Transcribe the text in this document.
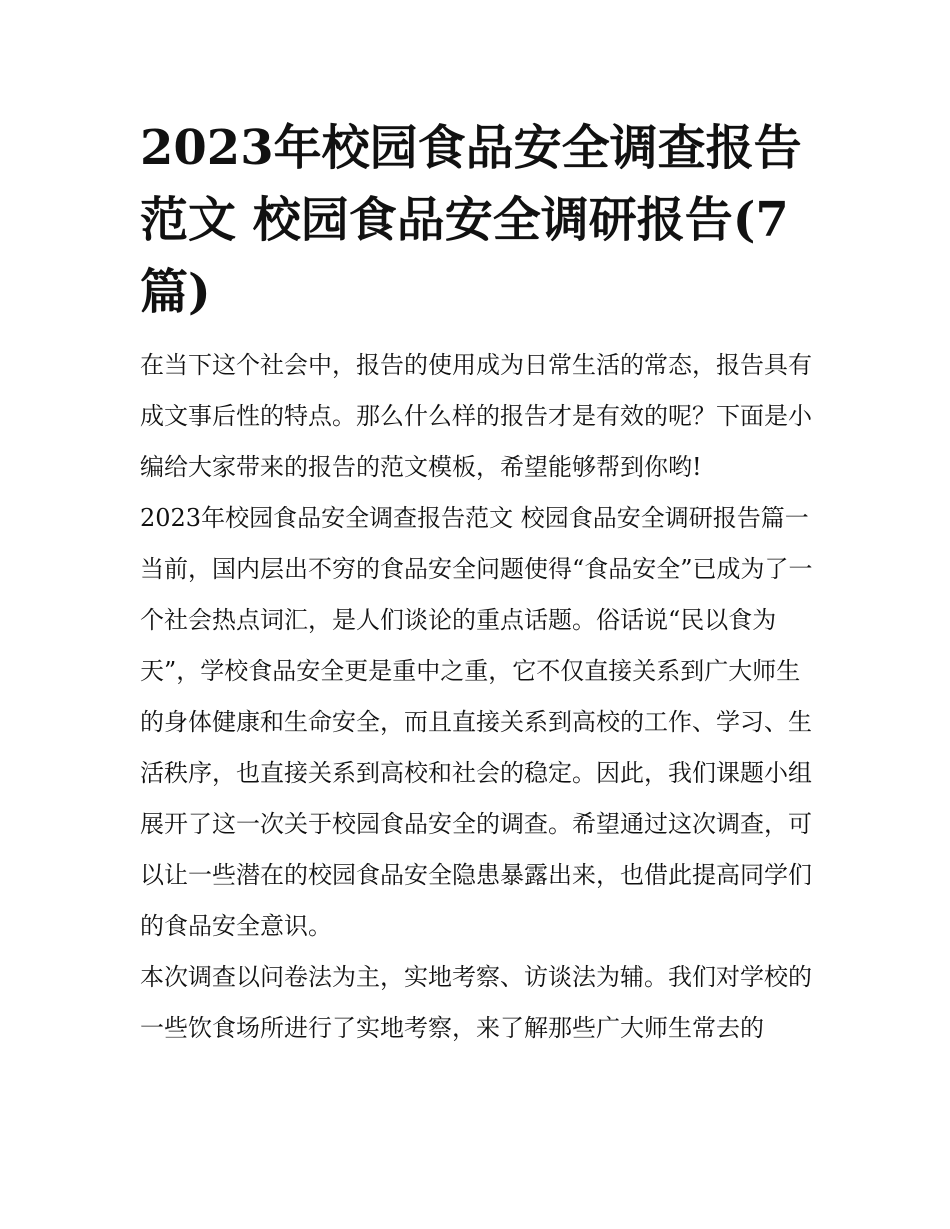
2023年校园食品安全调查报告范文 校园食品安全调研报告(7篇)

在当下这个社会中，报告的使用成为日常生活的常态，报告具有成文事后性的特点。那么什么样的报告才是有效的呢？下面是小编给大家带来的报告的范文模板，希望能够帮到你哟!

2023年校园食品安全调查报告范文 校园食品安全调研报告篇一

当前，国内层出不穷的食品安全问题使得“食品安全”已成为了一个社会热点词汇，是人们谈论的重点话题。俗话说“民以食为天”，学校食品安全更是重中之重，它不仅直接关系到广大师生的身体健康和生命安全，而且直接关系到高校的工作、学习、生活秩序，也直接关系到高校和社会的稳定。因此，我们课题小组展开了这一次关于校园食品安全的调查。希望通过这次调查，可以让一些潜在的校园食品安全隐患暴露出来，也借此提高同学们的食品安全意识。

本次调查以问卷法为主，实地考察、访谈法为辅。我们对学校的一些饮食场所进行了实地考察，来了解那些广大师生常去的
